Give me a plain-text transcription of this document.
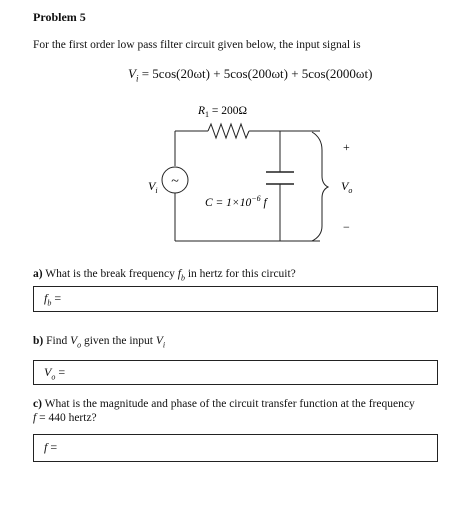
Problem 5
For the first order low pass filter circuit given below, the input signal is
$V_i = 5\cos(20\omega t) + 5\cos(200\omega t) + 5\cos(2000\omega t)$
~
$R_1 = 200\Omega$
$C = 1\times 10^{-6}$ f
$V_i$
+
$V_o$
−
a) What is the break frequency $f_b$ in hertz for this circuit?
$f_b$ =
b) Find $V_o$ given the input $V_i$
$V_o$ =
c) What is the magnitude and phase of the circuit transfer function at the frequency
f = 440 hertz?
f =
